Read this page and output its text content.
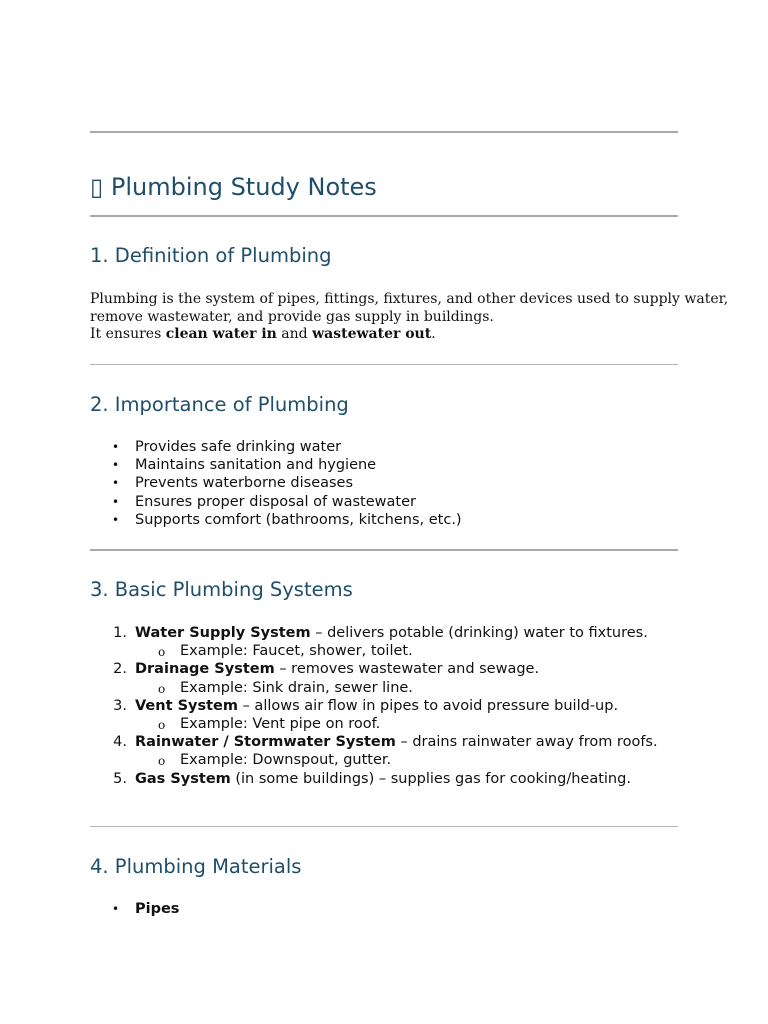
▯ Plumbing Study Notes
1. Definition of Plumbing
Plumbing is the system of pipes, fittings, fixtures, and other devices used to supply water,
remove wastewater, and provide gas supply in buildings.
It ensures clean water in and wastewater out.
2. Importance of Plumbing
• Provides safe drinking water
• Maintains sanitation and hygiene
• Prevents waterborne diseases
• Ensures proper disposal of wastewater
• Supports comfort (bathrooms, kitchens, etc.)
3. Basic Plumbing Systems
1. Water Supply System – delivers potable (drinking) water to fixtures.
o Example: Faucet, shower, toilet.
2. Drainage System – removes wastewater and sewage.
o Example: Sink drain, sewer line.
3. Vent System – allows air flow in pipes to avoid pressure build-up.
o Example: Vent pipe on roof.
4. Rainwater / Stormwater System – drains rainwater away from roofs.
o Example: Downspout, gutter.
5. Gas System (in some buildings) – supplies gas for cooking/heating.
4. Plumbing Materials
• Pipes
